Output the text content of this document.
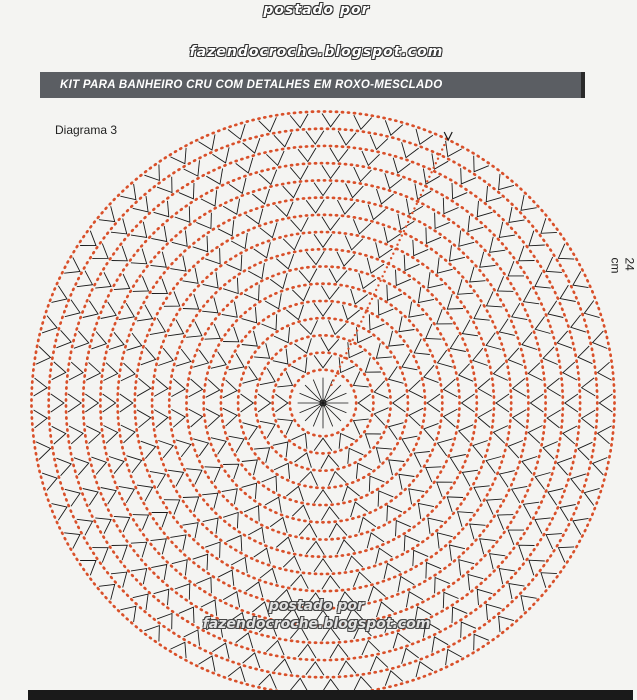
postado por
fazendocroche.blogspot.com
KIT PARA BANHEIRO CRU COM DETALHES EM ROXO-MESCLADO
Diagrama 3
24 cm
postado por
fazendocroche.blogspot.com
